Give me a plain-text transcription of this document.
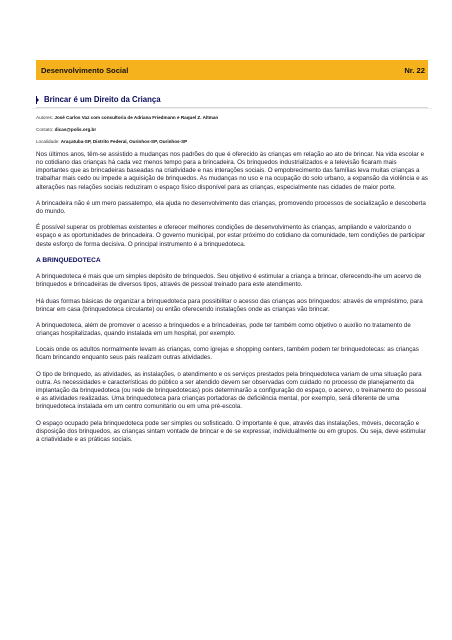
Desenvolvimento Social	Nr. 22
Brincar é um Direito da Criança
Autores: José Carlos Vaz com consultoria de Adriana Friedmann e Raquel Z. Altman
Contato: dicas@polis.org.br
Localidade: Araçatuba-SP, Distrito Federal, Ourinhos-SP, Ourinhos-SP

Nos últimos anos, têm-se assistido a mudanças nos padrões do que é oferecido às crianças em relação ao ato de brincar. Na vida escolar e no cotidiano das crianças há cada vez menos tempo para a brincadeira. Os brinquedos industrializados e a televisão ficaram mais importantes que as brincadeiras baseadas na criatividade e nas interações sociais. O empobrecimento das famílias leva muitas crianças a trabalhar mais cedo ou impede a aquisição de brinquedos. As mudanças no uso e na ocupação do solo urbano, a expansão da violência e as alterações nas relações sociais reduziram o espaço físico disponível para as crianças, especialmente nas cidades de maior porte.

A brincadeira não é um mero passatempo, ela ajuda no desenvolvimento das crianças, promovendo processos de socialização e descoberta do mundo.

É possível superar os problemas existentes e oferecer melhores condições de desenvolvimento às crianças, ampliando e valorizando o espaço e as oportunidades de brincadeira. O governo municipal, por estar próximo do cotidiano da comunidade, tem condições de participar deste esforço de forma decisiva. O principal instrumento é a brinquedoteca.

A BRINQUEDOTECA

A brinquedoteca é mais que um simples depósito de brinquedos. Seu objetivo é estimular a criança a brincar, oferecendo-lhe um acervo de brinquedos e brincadeiras de diversos tipos, através de pessoal treinado para este atendimento.

Há duas formas básicas de organizar a brinquedoteca para possibilitar o acesso das crianças aos brinquedos: através de empréstimo, para brincar em casa (brinquedoteca circulante) ou então oferecendo instalações onde as crianças vão brincar.

A brinquedoteca, além de promover o acesso a brinquedos e a brincadeiras, pode ter também como objetivo o auxílio no tratamento de crianças hospitalizadas, quando instalada em um hospital, por exemplo.

Locais onde os adultos normalmente levam as crianças, como igrejas e shopping centers, também podem ter brinquedotecas: as crianças ficam brincando enquanto seus pais realizam outras atividades.

O tipo de brinquedo, as atividades, as instalações, o atendimento e os serviços prestados pela brinquedoteca variam de uma situação para outra. As necessidades e características do público a ser atendido devem ser observadas com cuidado no processo de planejamento da implantação da brinquedoteca (ou rede de brinquedotecas) pois determinarão a configuração do espaço, o acervo, o treinamento do pessoal e as atividades realizadas. Uma brinquedoteca para crianças portadoras de deficiência mental, por exemplo, será diferente de uma brinquedoteca instalada em um centro comunitário ou em uma pré-escola.

O espaço ocupado pela brinquedoteca pode ser simples ou sofisticado. O importante é que, através das instalações, móveis, decoração e disposição dos brinquedos, as crianças sintam vontade de brincar e de se expressar, individualmente ou em grupos. Ou seja, deve estimular a criatividade e as práticas sociais.
